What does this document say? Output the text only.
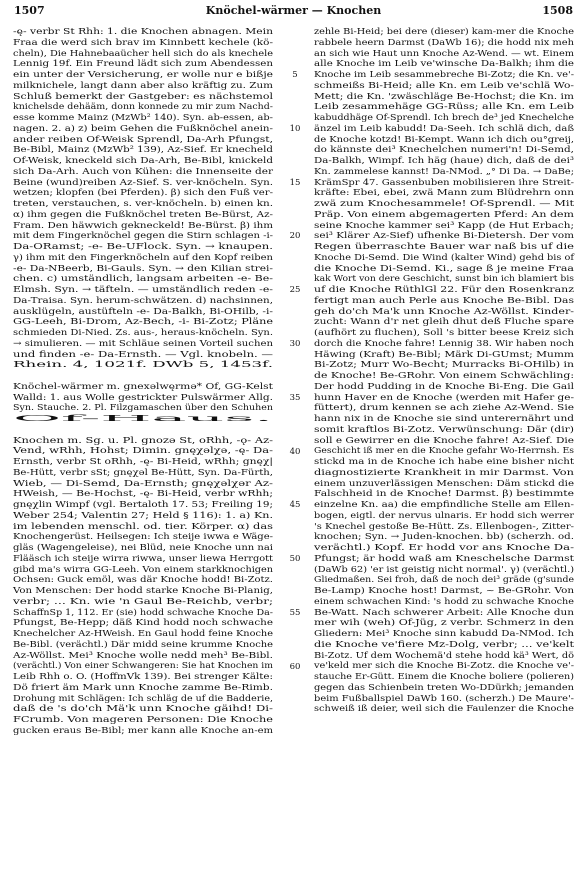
1507	Knöchel-wärmer — Knochen	1508
-ę- verbr St Rhh: 1. die Knochen abnagen. Mein
Fraa die werd sich brav im Kinnbett kechele (kö-
cheln), Die Hahnebaaücher hell sich do als knechele
Lennig 19f. Ein Freund lädt sich zum Abendessen
ein unter der Versicherung, er wolle nur e bißje
milknichele, langt dann aber also kräftig zu. Zum
Schluß bemerkt der Gastgeber: es nächstemol
knichelsde dehääm, donn konnede zu mir zum Nachd-
esse komme Mainz (MzWb² 140). Syn. ab-essen, ab-
nagen. 2. a) z) beim Gehen die Fußknöchel anein-
ander reiben Of-Weisk Sprendl, Da-Arh Pfungst,
Be-Bibl, Mainz (MzWb² 139), Az-Sief. Er knecheld
Of-Weisk, kneckeld sich Da-Arh, Be-Bibl, knickeld
sich Da-Arh. Auch von Kühen: die Innenseite der
Beine (wund)reiben Az-Sief. S. ver-knöcheln. Syn.
wetzen; klopfen (bei Pferden). β) sich den Fuß ver-
treten, verstauchen, s. ver-knöcheln. b) einen kn.
α) ihm gegen die Fußknöchel treten Be-Bürst, Az-
Fram. Den häwwich gekneckeld! Be-Bürst. β) ihm
mit dem Fingerknöchel gegen die Stirn schlagen -i-
Da-ORamst; -e- Be-UFlock. Syn. → knaupen.
γ) ihm mit den Fingerknöcheln auf den Kopf reiben
-e- Da-NBeerb, Bi-Gauls. Syn. → den Kilian strei-
chen. c) umständlich, langsam arbeiten -e- Be-
Elmsh. Syn. → täfteln. — umständlich reden -e-
Da-Traisa. Syn. herum-schwätzen. d) nachsinnen,
ausklügeln, austüfteln -e- Da-Balkh, Bi-OHilb, -i-
GG-Leeh, Bi-Drom, Az-Bech, -i- Bi-Zotz; Pläne
schmieden Di-Nied. Zs. aus-, heraus-knöcheln. Syn.
→ simulieren. — mit Schläue seinen Vorteil suchen
und finden -e- Da-Ernsth. — Vgl. knobeln. —
Rhein. 4, 1021f. DWb 5, 1453f.
Knöchel-wärmer m. gnexǝlwęrmǝ* Of, GG-Kelst
Walld: 1. aus Wolle gestrickter Pulswärmer Allg.
Syn. Stauche. 2. Pl. Filzgamaschen über den Schuhen
Of-Haus.
Knochen m. Sg. u. Pl. gnozǝ St, oRhh, -ǫ- Az-
Vend, wRhh, Hohst; Dimin. gnęχǝlχǝ, -ę- Da-
Ernsth, verbr St oRhh, -ę- Bi-Heid, wRhh; gnęχ|
Be-Hütt, verbr sSt; gnęχǝl Be-Hütt, Syn. Da-Fürth,
Wieb, — Di-Semd, Da-Ernsth; gnęχǝlχǝr Az-
HWeish, — Be-Hochst, -ę- Bi-Heid, verbr wRhh;
gnęχlin Wimpf (vgl. Bertaloth 17. 53; Freiling 19;
Weber 254; Valentin 27; Held § 116): 1. a) Kn.
im lebenden menschl. od. tier. Körper. α) das
Knochengerüst. Heilsegen: Ich steije iwwa e Wäge-
gläs (Wagengeleise), nei Blüd, neie Knoche unn nai
Flääsch ich steije wirra riwwa, unser liewa Herrgott
gibd ma's wirra GG-Leeh. Von einem starkknochigen
Ochsen: Guck emöl, was där Knoche hodd! Bi-Zotz.
Von Menschen: Der hodd starke Knoche Bi-Planig,
verbr; … Kn. wie 'n Gaul Be-Reichb, verbr;
SchaffnSp 1, 112. Er (sie) hodd schwache Knoche Da-
Pfungst, Be-Hepp; däß Kind hodd noch schwache
Knechelcher Az-HWeish. En Gaul hodd feine Knoche
Be-Bibl. (verächtl.) Där midd seine krumme Knoche
Az-Wöllst. Mei³ Knoche wolle nedd meh³ Be-Bibl.
(verächtl.) Von einer Schwangeren: Sie hat Knochen im
Leib Rhh o. O. (HoffmVk 139). Bei strenger Kälte:
Dö friert äm Mark unn Knoche zamme Be-Rimb.
Drohung mit Schlägen: Ich schläg de uf die Badderie,
daß de 's do'ch Mä'k unn Knoche gäihd! Di-
FCrumb. Von mageren Personen: Die Knoche
gucken eraus Be-Bibl; mer kann alle Knoche an-em
5
10
15
20
25
30
35
40
45
50
55
60
zehle Bi-Heid; bei dere (dieser) kam-mer die Knoche
rabbele heern Darmst (DaWb 16); die hodd nix meh
an sich wie Haut unn Knoche Az-Wend. — wt. Einem
alle Knoche im Leib ve'winsche Da-Balkh; ihm die
Knoche im Leib sesammebreche Bi-Zotz; die Kn. ve'-
schmeißs Bi-Heid; alle Kn. em Leib ve'schlä Wo-
Mett; die Kn. 'zwäschläge Be-Hochst; die Kn. im
Leib zesammehäge GG-Rüss; alle Kn. em Leib
kabuddhäge Of-Sprendl. Ich brech de³ jed Knechelche
änzel im Leib kabudd! Da-Seeh. Ich schlä dich, daß
de Knoche kotzd! Bi-Kempt. Wann ich dich ou°greij,
do kännste dei³ Knechelchen numeri'n! Di-Semd,
Da-Balkh, Wimpf. Ich häg (haue) dich, daß de dei³
Kn. zammelese kannst! Da-NMod. „° Di Da. → DaBe;
KrämSpr 47. Gassenbuben mobilisieren ihre Streit-
kräfte: Ebei, ebei, zwä Mann zum Blüdrehrn onn
zwä zum Knochesammele! Of-Sprendl. — Mit
Präp. Von einem abgemagerten Pferd: An dem
seine Knoche kammer sei³ Kapp (de Hut Erbach;
sei³ Klärer Az-Sief) ufhenke Bi-Dietersh. Der vom
Regen überraschte Bauer war naß bis uf die
Knoche Di-Semd. Die Wind (kalter Wind) gehd bis of
die Knoche Di-Semd. Ki., sage ß je meine Fraa
kak Wort von dere Geschicht, sunst bin ich blamiert bis
uf die Knoche RüthlGl 22. Für den Rosenkranz
fertigt man auch Perle aus Knoche Be-Bibl. Das
geh do'ch Ma'k unn Knoche Az-Wöllst. Kinder-
zucht: Wann d'r net gleih dhut deß Fluche spare
(aufhört zu fluchen), Soll 's bitter beese Kreiz sich
dorch die Knoche fahre! Lennig 38. Wir haben noch
Häwing (Kraft) Be-Bibl; Märk Di-GUmst; Mumm
Bi-Zotz; Murr Wo-Becht; Murracks Bi-OHilb) in
de Knoche! Be-GRohr. Von einem Schwächling:
Der hodd Pudding in de Knoche Bi-Eng. Die Gail
hunn Haver en de Knoche (werden mit Hafer ge-
füttert), drum kennen se ach ziehe Az-Wend. Sie
hann nix in de Knoche sie sind unterernährt und
somit kraftlos Bi-Zotz. Verwünschung: Där (dir)
soll e Gewirrer en die Knoche fahre! Az-Sief. Die
Geschicht iß mer en die Knoche gefahr Wo-Herrnsh. Es
stickd ma in de Knoche ich habe eine bisher nicht
diagnostizierte Krankheit in mir Darmst. Von
einem unzuverlässigen Menschen: Däm stickd die
Falschheid in de Knoche! Darmst. β) bestimmte
einzelne Kn. aa) die empfindliche Stelle am Ellen-
bogen, eigtl. der nervus ulnaris. Er hodd sich werrer
's Knechel gestoße Be-Hütt. Zs. Ellenbogen-, Zitter-
knochen; Syn. → Juden-knochen. bb) (scherzh. od.
verächtl.) Kopf. Er hodd vor ans Knoche Da-
Pfungst; är hodd waß am Kneschelsche Darmst
(DaWb 62) 'er ist geistig nicht normal'. γ) (verächtl.)
Gliedmaßen. Sei froh, daß de noch dei³ gräde (g'sunde
Be-Lamp) Knoche host! Darmst, ~ Be-GRohr. Von
einem schwachen Kind: 's hodd zu schwache Knoche
Be-Watt. Nach schwerer Arbeit: Alle Knoche dun
mer wih (weh) Of-Jüg, z verbr. Schmerz in den
Gliedern: Mei³ Knoche sinn kabudd Da-NMod. Ich
die Knoche ve'fiere Mz-Dolg, verbr; … ve'kelt
Bi-Zotz. Uf dem Wochemä'd stehe hodd kä³ Wert, dö
ve'keld mer sich die Knoche Bi-Zotz. die Knoche ve'-
stauche Er-Gütt. Einem die Knoche boliere (polieren)
gegen das Schienbein treten Wo-DDürkh; jemanden
beim Fußballspiel DaWb 160. (scherzh.) De Maure'-
schweiß iß deier, weil sich die Faulenzer die Knoche
